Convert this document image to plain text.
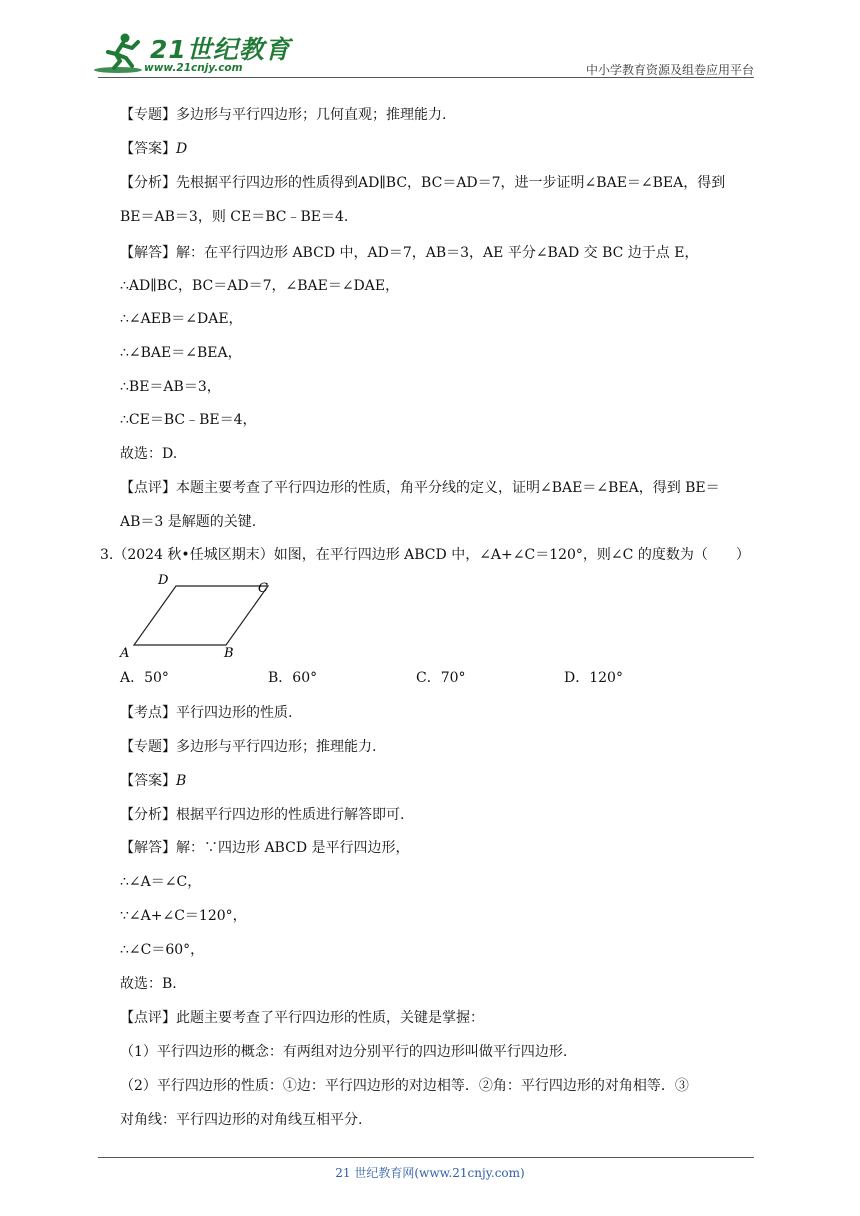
21世纪教育
www.21cnjy.com	中小学教育资源及组卷应用平台
【专题】多边形与平行四边形；几何直观；推理能力.
【答案】D
【分析】先根据平行四边形的性质得到AD∥BC，BC＝AD＝7，进一步证明∠BAE＝∠BEA，得到
BE＝AB＝3，则 CE＝BC﹣BE＝4.
【解答】解：在平行四边形 ABCD 中，AD＝7，AB＝3，AE 平分∠BAD 交 BC 边于点 E，
∴AD∥BC，BC＝AD＝7，∠BAE＝∠DAE，
∴∠AEB＝∠DAE，
∴∠BAE＝∠BEA，
∴BE＝AB＝3，
∴CE＝BC﹣BE＝4，
故选：D.
【点评】本题主要考查了平行四边形的性质，角平分线的定义，证明∠BAE＝∠BEA，得到 BE＝
AB＝3 是解题的关键.
3.（2024 秋•任城区期末）如图，在平行四边形 ABCD 中，∠A+∠C＝120°，则∠C 的度数为（　　）
D
C
A	B
A．50°	B．60°	C．70°	D．120°
【考点】平行四边形的性质.
【专题】多边形与平行四边形；推理能力.
【答案】B
【分析】根据平行四边形的性质进行解答即可.
【解答】解：∵四边形 ABCD 是平行四边形，
∴∠A＝∠C，
∵∠A+∠C＝120°，
∴∠C＝60°，
故选：B.
【点评】此题主要考查了平行四边形的性质，关键是掌握：
（1）平行四边形的概念：有两组对边分别平行的四边形叫做平行四边形.
（2）平行四边形的性质：①边：平行四边形的对边相等．②角：平行四边形的对角相等．③
对角线：平行四边形的对角线互相平分.
21 世纪教育网(www.21cnjy.com)
